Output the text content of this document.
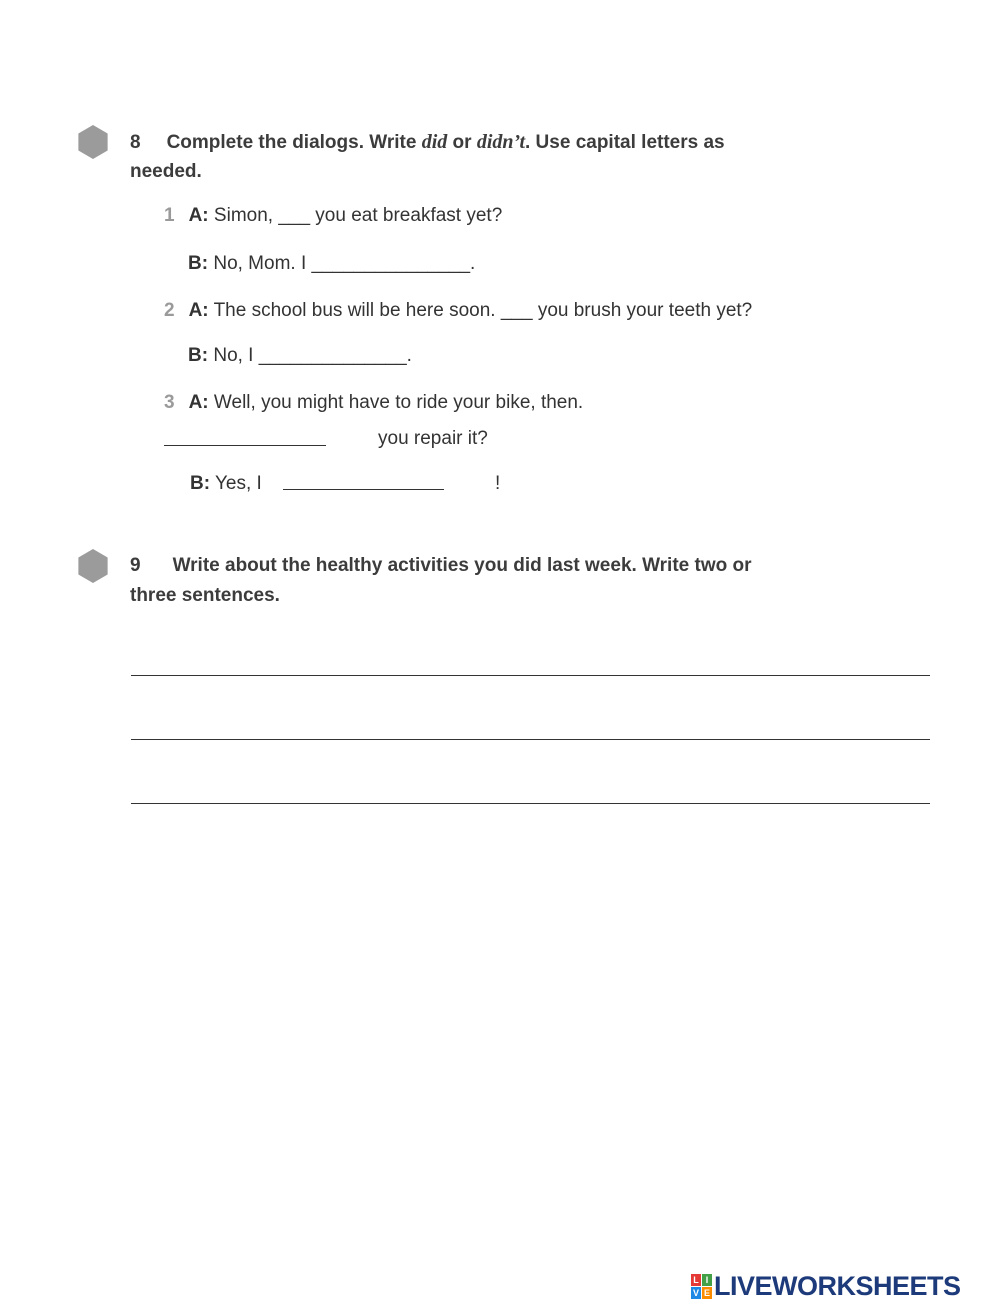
8 Complete the dialogs. Write did or didn’t. Use capital letters as
needed.
1 A: Simon, ___ you eat breakfast yet?
B: No, Mom. I _______________.
2 A: The school bus will be here soon. ___ you brush your teeth yet?
B: No, I ______________.
3 A: Well, you might have to ride your bike, then.
you repair it?
B: Yes, I	!
9 Write about the healthy activities you did last week. Write two or
three sentences.
L I
V E LIVEWORKSHEETS
